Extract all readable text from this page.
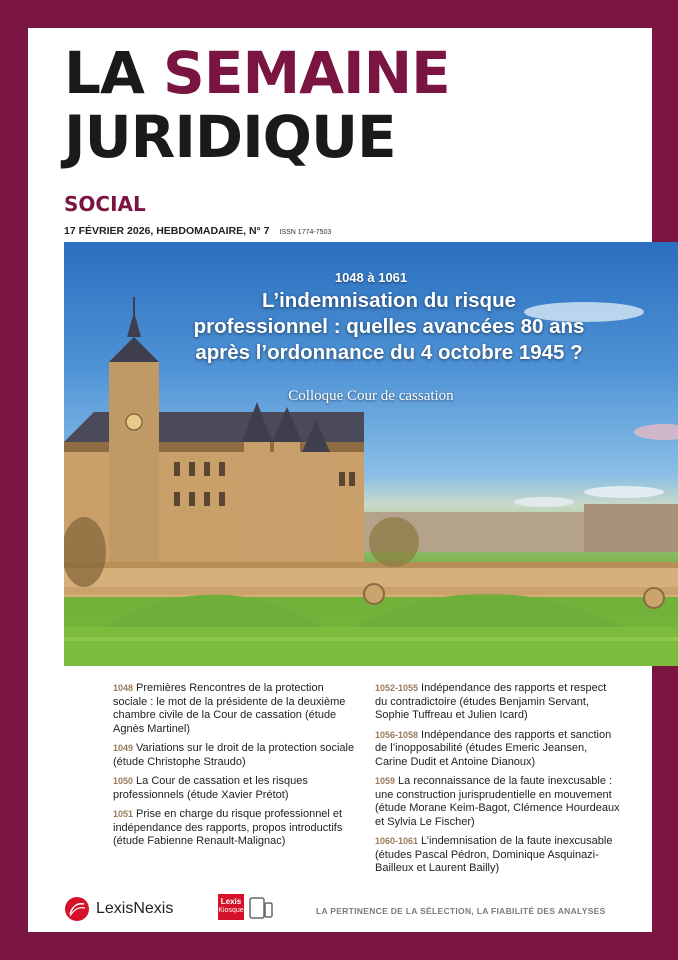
LA SEMAINE
JURIDIQUE
SOCIAL
17 FÉVRIER 2026, HEBDOMADAIRE, N° 7 ISSN 1774-7503
1048 à 1061
L’indemnisation du risque
professionnel : quelles avancées 80 ans
après l’ordonnance du 4 octobre 1945 ?
Colloque Cour de cassation
1048 Premières Rencontres de la protection sociale : le mot de la présidente de la deuxième chambre civile de la Cour de cassation (étude Agnès Martinel)
1049 Variations sur le droit de la protection sociale (étude Christophe Straudo)
1050 La Cour de cassation et les risques professionnels (étude Xavier Prétot)
1051 Prise en charge du risque professionnel et indépendance des rapports, propos introductifs (étude Fabienne Renault-Malignac)
1052-1055 Indépendance des rapports et respect du contradictoire (études Benjamin Servant, Sophie Tuffreau et Julien Icard)
1056-1058 Indépendance des rapports et sanction de l’inopposabilité (études Emeric Jeansen, Carine Dudit et Antoine Dianoux)
1059 La reconnaissance de la faute inexcusable : une construction jurisprudentielle en mouvement (étude Morane Keim-Bagot, Clémence Hourdeaux et Sylvia Le Fischer)
1060-1061 L’indemnisation de la faute inexcusable (études Pascal Pédron, Dominique Asquinazi-Bailleux et Laurent Bailly)
LexisNexis	Lexis
Kiosque	LA PERTINENCE DE LA SÉLECTION, LA FIABILITÉ DES ANALYSES
